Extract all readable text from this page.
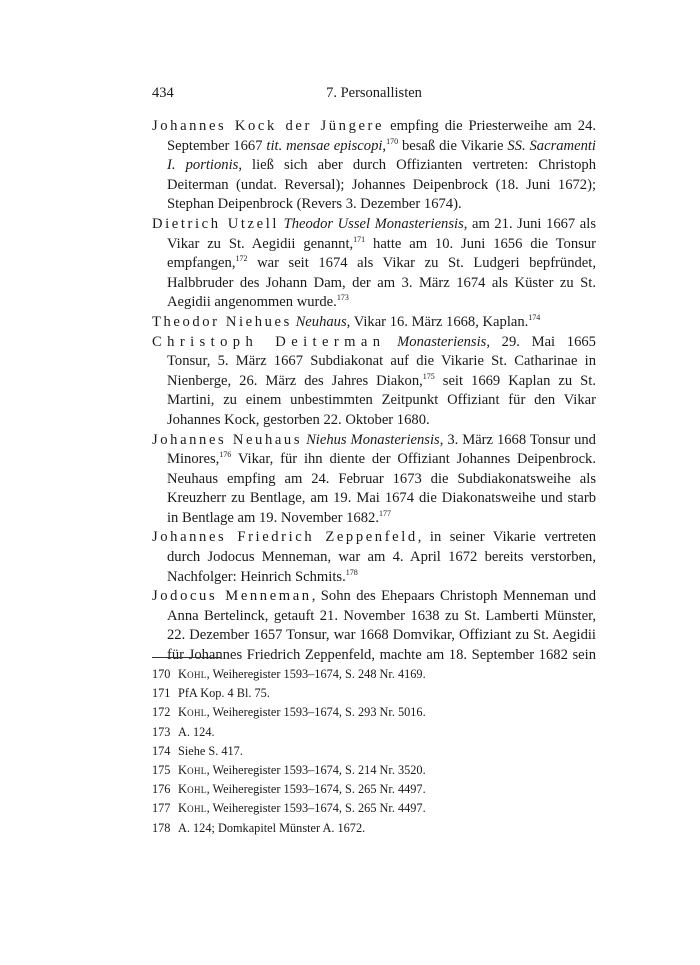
434	7. Personallisten

Johannes Kock der Jüngere empfing die Priesterweihe am 24. September 1667 tit. mensae episcopi,$^{170}$ besaß die Vikarie SS. Sacramenti I. portionis, ließ sich aber durch Offizianten vertreten: Christoph Deiterman (undat. Reversal); Johannes Deipenbrock (18. Juni 1672); Stephan Deipenbrock (Revers 3. Dezember 1674).

Dietrich Utzell Theodor Ussel Monasteriensis, am 21. Juni 1667 als Vikar zu St. Aegidii genannt,$^{171}$ hatte am 10. Juni 1656 die Tonsur empfangen,$^{172}$ war seit 1674 als Vikar zu St. Ludgeri bepfründet, Halbbruder des Johann Dam, der am 3. März 1674 als Küster zu St. Aegidii angenommen wurde.$^{173}$

Theodor Niehues Neuhaus, Vikar 16. März 1668, Kaplan.$^{174}$

Christoph Deiterman Monasteriensis, 29. Mai 1665 Tonsur, 5. März 1667 Subdiakonat auf die Vikarie St. Catharinae in Nienberge, 26. März des Jahres Diakon,$^{175}$ seit 1669 Kaplan zu St. Martini, zu einem unbestimmten Zeitpunkt Offiziant für den Vikar Johannes Kock, gestorben 22. Oktober 1680.

Johannes Neuhaus Niehus Monasteriensis, 3. März 1668 Tonsur und Minores,$^{176}$ Vikar, für ihn diente der Offiziant Johannes Deipenbrock. Neuhaus empfing am 24. Februar 1673 die Subdiakonatsweihe als Kreuzherr zu Bentlage, am 19. Mai 1674 die Diakonatsweihe und starb in Bentlage am 19. November 1682.$^{177}$

Johannes Friedrich Zeppenfeld, in seiner Vikarie vertreten durch Jodocus Menneman, war am 4. April 1672 bereits verstorben, Nachfolger: Heinrich Schmits.$^{178}$

Jodocus Menneman, Sohn des Ehepaars Christoph Menneman und Anna Bertelinck, getauft 21. November 1638 zu St. Lamberti Münster, 22. Dezember 1657 Tonsur, war 1668 Domvikar, Offiziant zu St. Aegidii für Johannes Friedrich Zeppenfeld, machte am 18. September 1682 sein

170 Kohl, Weiheregister 1593–1674, S. 248 Nr. 4169.
171 PfA Kop. 4 Bl. 75.
172 Kohl, Weiheregister 1593–1674, S. 293 Nr. 5016.
173 A. 124.
174 Siehe S. 417.
175 Kohl, Weiheregister 1593–1674, S. 214 Nr. 3520.
176 Kohl, Weiheregister 1593–1674, S. 265 Nr. 4497.
177 Kohl, Weiheregister 1593–1674, S. 265 Nr. 4497.
178 A. 124; Domkapitel Münster A. 1672.
